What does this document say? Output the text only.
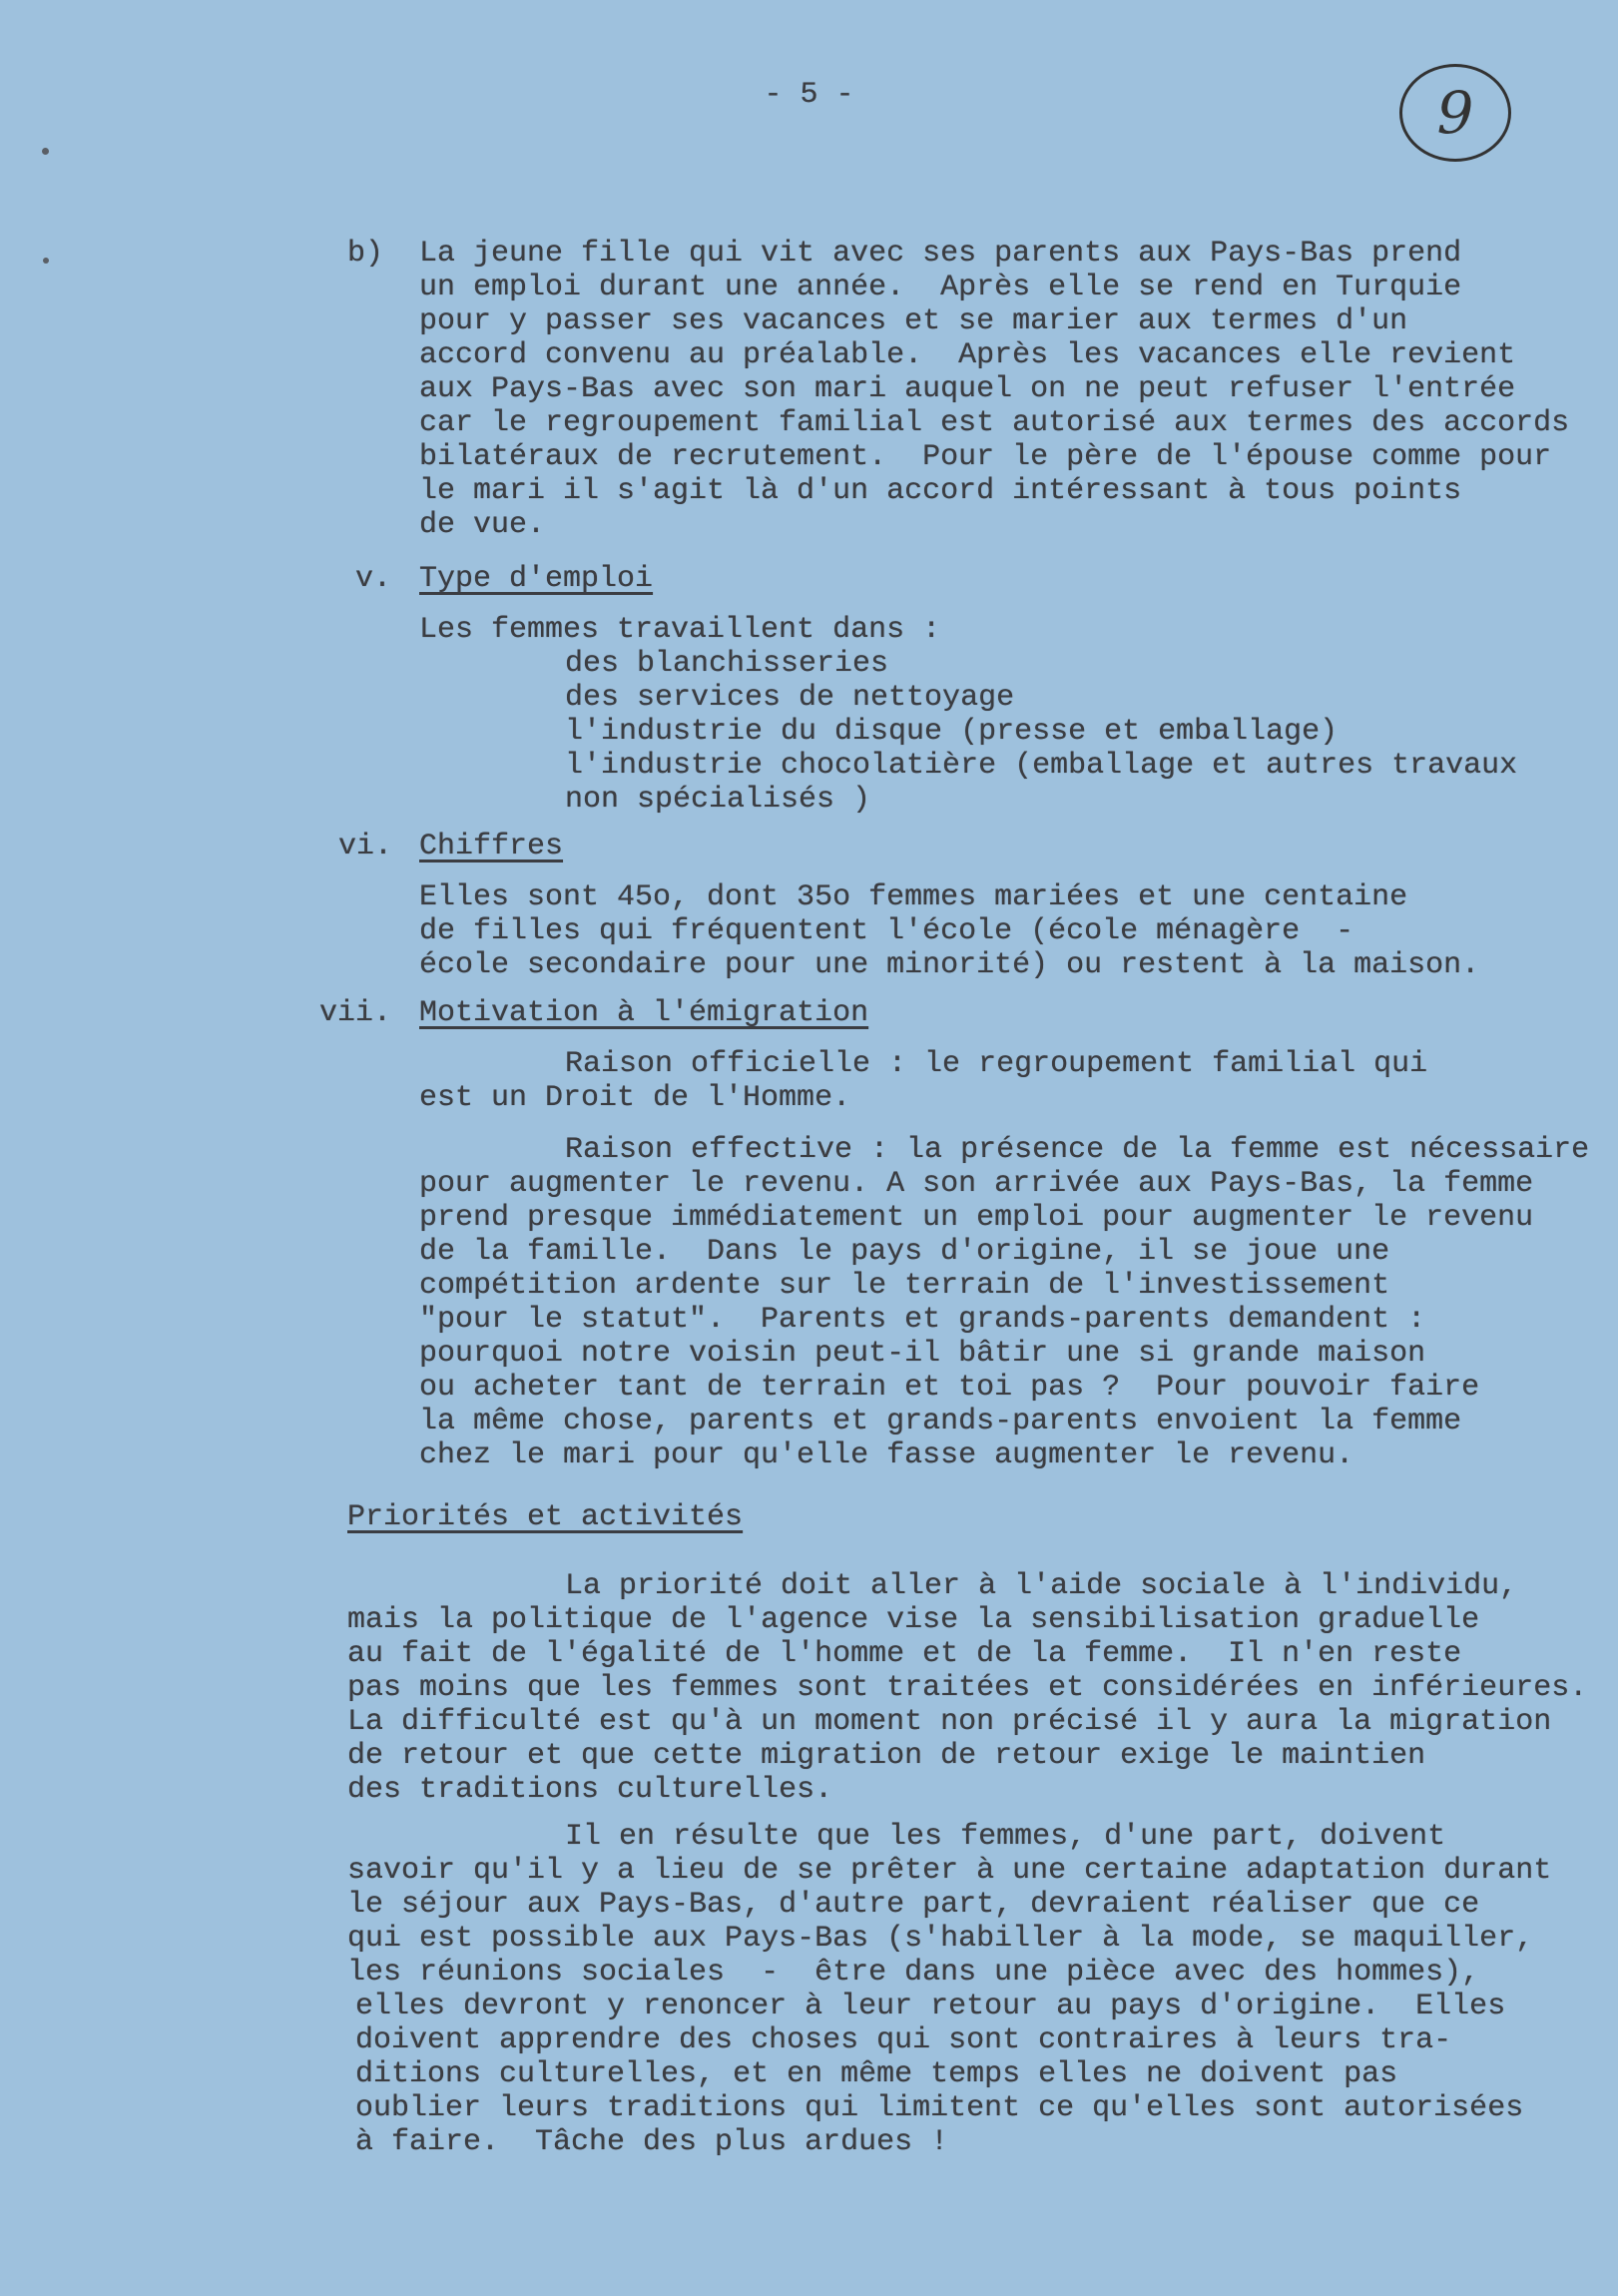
- 5 -	9
b) La jeune fille qui vit avec ses parents aux Pays-Bas prend
un emploi durant une année.  Après elle se rend en Turquie
pour y passer ses vacances et se marier aux termes d'un
accord convenu au préalable.  Après les vacances elle revient
aux Pays-Bas avec son mari auquel on ne peut refuser l'entrée
car le regroupement familial est autorisé aux termes des accords
bilatéraux de recrutement.  Pour le père de l'épouse comme pour
le mari il s'agit là d'un accord intéressant à tous points
de vue.
v. Type d'emploi
Les femmes travaillent dans :
des blanchisseries
des services de nettoyage
l'industrie du disque (presse et emballage)
l'industrie chocolatière (emballage et autres travaux
non spécialisés )
vi. Chiffres
Elles sont 45o, dont 35o femmes mariées et une centaine
de filles qui fréquentent l'école (école ménagère  -
école secondaire pour une minorité) ou restent à la maison.
vii. Motivation à l'émigration
Raison officielle : le regroupement familial qui
est un Droit de l'Homme.
Raison effective : la présence de la femme est nécessaire
pour augmenter le revenu. A son arrivée aux Pays-Bas, la femme
prend presque immédiatement un emploi pour augmenter le revenu
de la famille.  Dans le pays d'origine, il se joue une
compétition ardente sur le terrain de l'investissement
"pour le statut".  Parents et grands-parents demandent :
pourquoi notre voisin peut-il bâtir une si grande maison
ou acheter tant de terrain et toi pas ?  Pour pouvoir faire
la même chose, parents et grands-parents envoient la femme
chez le mari pour qu'elle fasse augmenter le revenu.
Priorités et activités
La priorité doit aller à l'aide sociale à l'individu,
mais la politique de l'agence vise la sensibilisation graduelle
au fait de l'égalité de l'homme et de la femme.  Il n'en reste
pas moins que les femmes sont traitées et considérées en inférieures.
La difficulté est qu'à un moment non précisé il y aura la migration
de retour et que cette migration de retour exige le maintien
des traditions culturelles.
Il en résulte que les femmes, d'une part, doivent
savoir qu'il y a lieu de se prêter à une certaine adaptation durant
le séjour aux Pays-Bas, d'autre part, devraient réaliser que ce
qui est possible aux Pays-Bas (s'habiller à la mode, se maquiller,
les réunions sociales  -  être dans une pièce avec des hommes),
elles devront y renoncer à leur retour au pays d'origine.  Elles
doivent apprendre des choses qui sont contraires à leurs tra-
ditions culturelles, et en même temps elles ne doivent pas
oublier leurs traditions qui limitent ce qu'elles sont autorisées
à faire.  Tâche des plus ardues !
